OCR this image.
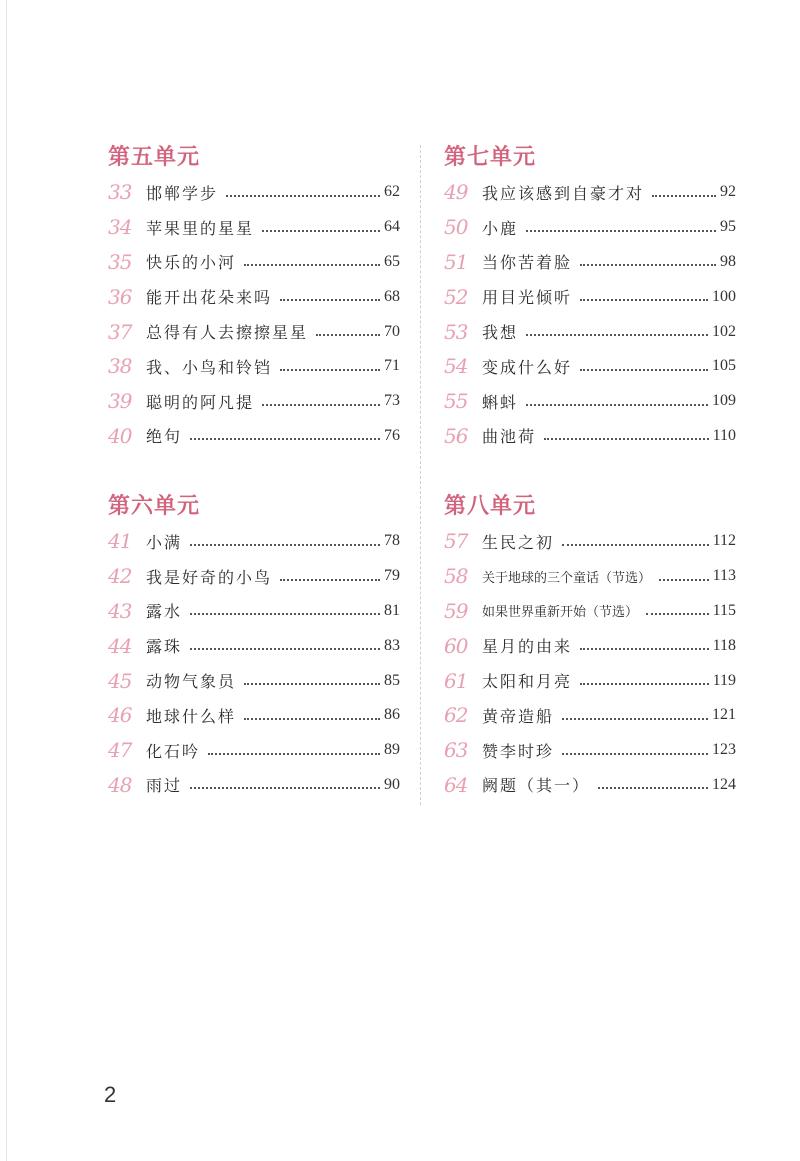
第五单元
33 邯郸学步	62
34 苹果里的星星	64
35 快乐的小河	65
36 能开出花朵来吗	68
37 总得有人去擦擦星星	70
38 我、小鸟和铃铛	71
39 聪明的阿凡提	73
40 绝句	76
第六单元
41 小满	78
42 我是好奇的小鸟	79
43 露水	81
44 露珠	83
45 动物气象员	85
46 地球什么样	86
47 化石吟	89
48 雨过	90
第七单元
49 我应该感到自豪才对	92
50 小鹿	95
51 当你苦着脸	98
52 用目光倾听	100
53 我想	102
54 变成什么好	105
55 蝌蚪	109
56 曲池荷	110
第八单元
57 生民之初	112
58	关于地球的三个童话（节选）	113
59	如果世界重新开始（节选）	115
60 星月的由来	118
61 太阳和月亮	119
62 黄帝造船	121
63 赞李时珍	123
64 阙题（其一）	124
2
